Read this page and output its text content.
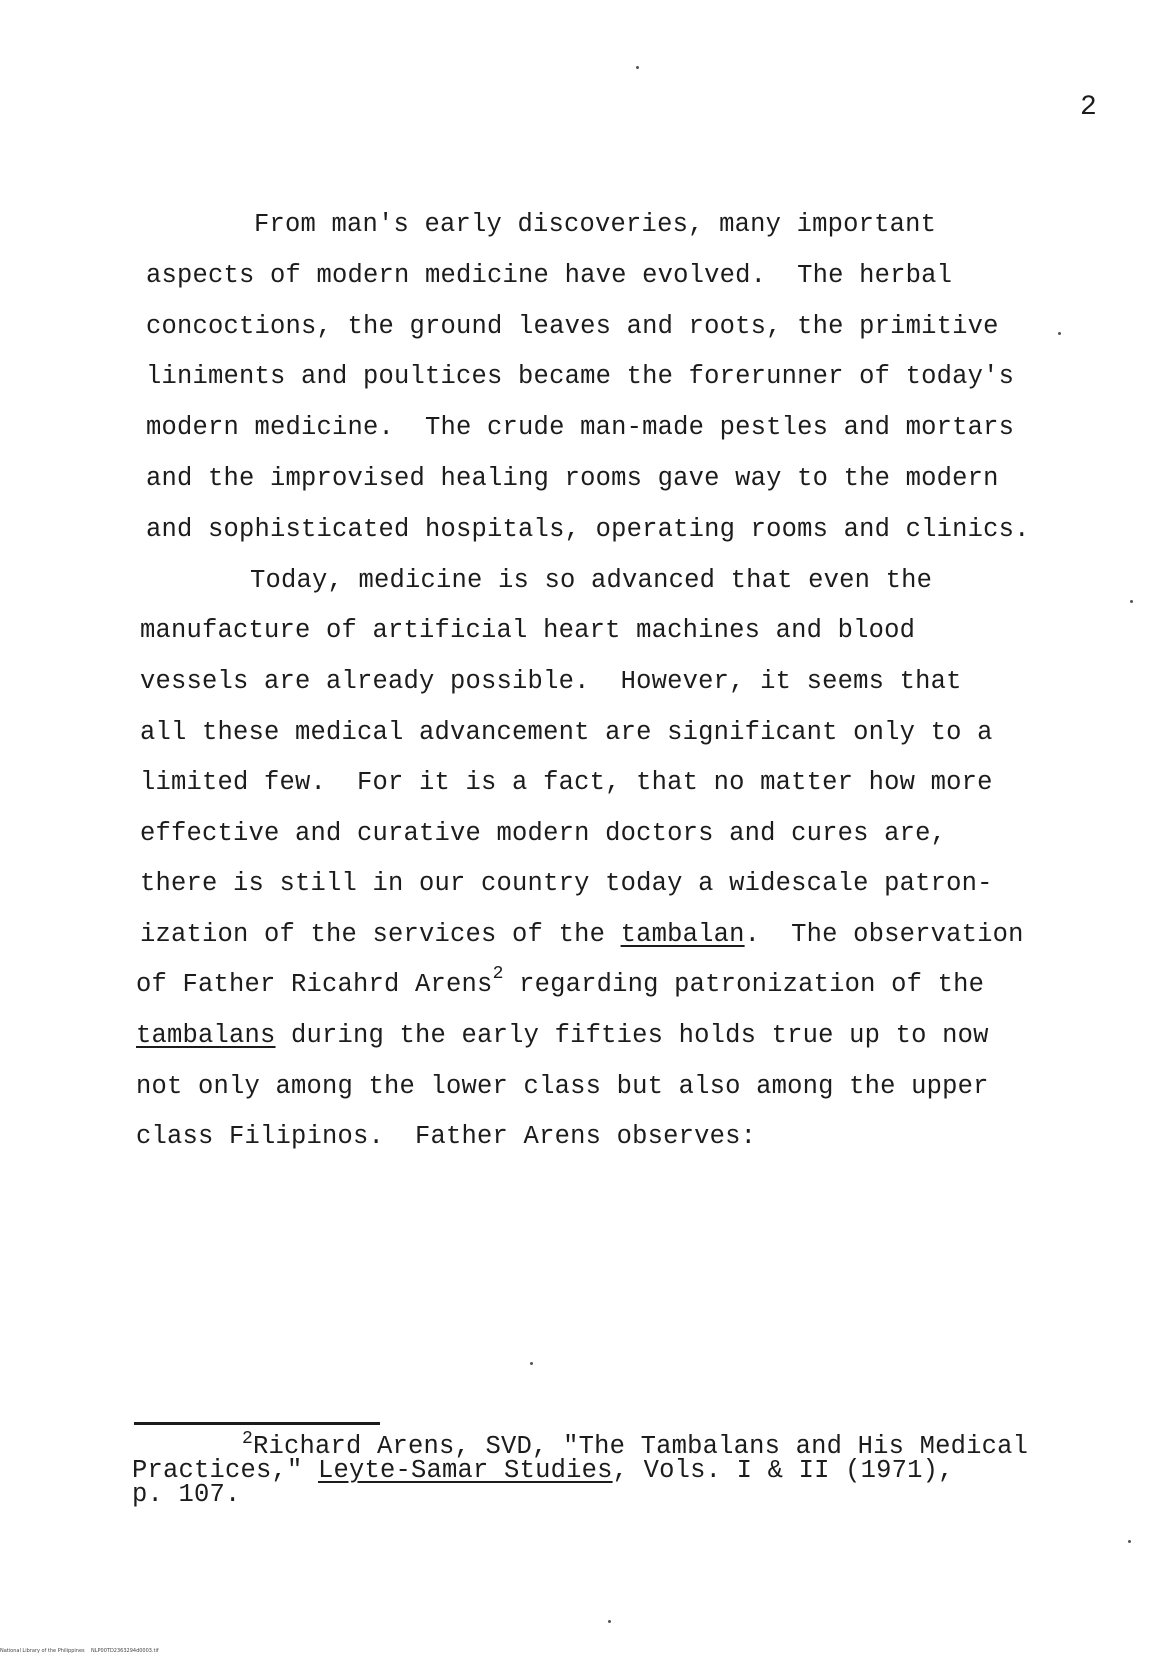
2
From man's early discoveries, many important
aspects of modern medicine have evolved.  The herbal
concoctions, the ground leaves and roots, the primitive
liniments and poultices became the forerunner of today's
modern medicine.  The crude man-made pestles and mortars
and the improvised healing rooms gave way to the modern
and sophisticated hospitals, operating rooms and clinics.
Today, medicine is so advanced that even the
manufacture of artificial heart machines and blood
vessels are already possible.  However, it seems that
all these medical advancement are significant only to a
limited few.  For it is a fact, that no matter how more
effective and curative modern doctors and cures are,
there is still in our country today a widescale patron-
ization of the services of the tambalan.  The observation
of Father Ricahrd Arens$^2$ regarding patronization of the
tambalans during the early fifties holds true up to now
not only among the lower class but also among the upper
class Filipinos.  Father Arens observes:
$^2$Richard Arens, SVD, "The Tambalans and His Medical
Practices," Leyte-Samar Studies, Vols. I & II (1971),
p. 107.
National Library of the Philippines    NLP00TD2363294d0003.tif
